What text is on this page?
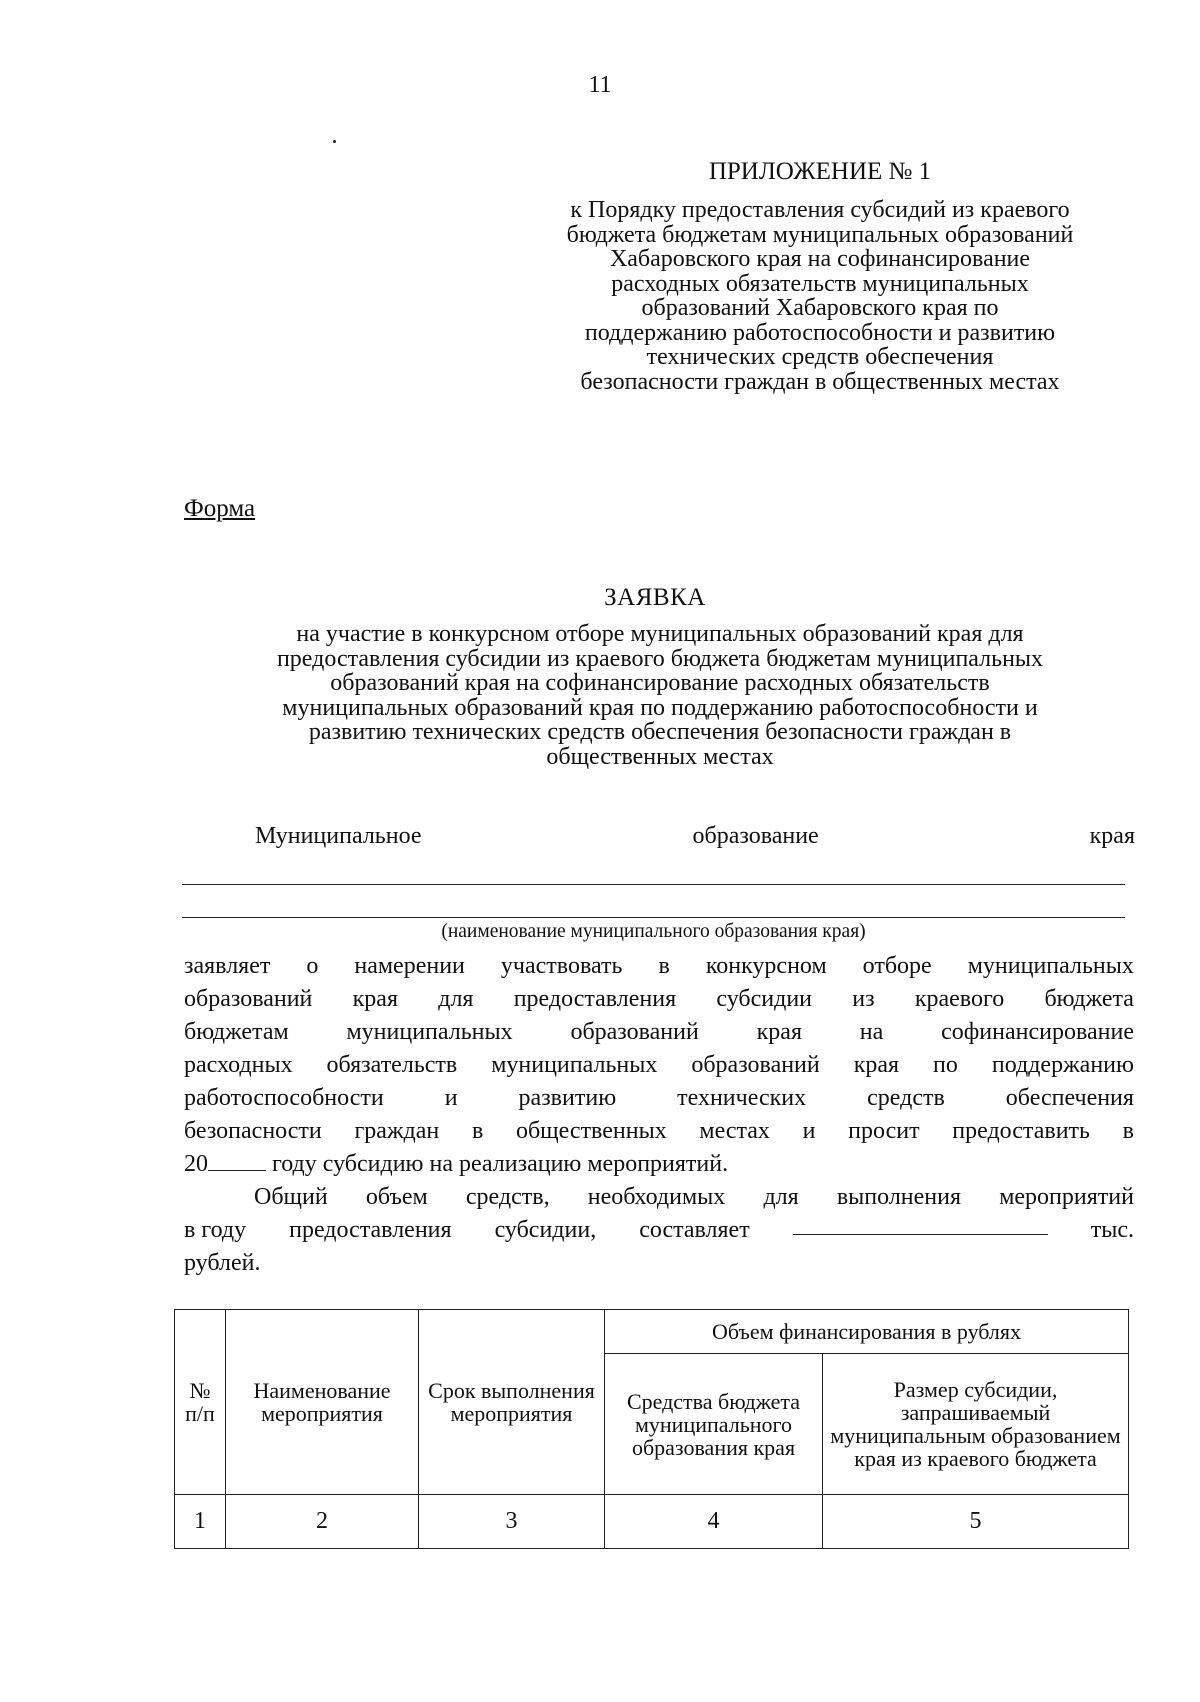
11
ПРИЛОЖЕНИЕ № 1
к Порядку предоставления субсидий из краевого
бюджета бюджетам муниципальных образований
Хабаровского края на софинансирование
расходных обязательств муниципальных
образований Хабаровского края по
поддержанию работоспособности и развитию
технических средств обеспечения
безопасности граждан в общественных местах
Форма
ЗАЯВКА
на участие в конкурсном отборе муниципальных образований края для
предоставления субсидии из краевого бюджета бюджетам муниципальных
образований края на софинансирование расходных обязательств
муниципальных образований края по поддержанию работоспособности и
развитию технических средств обеспечения безопасности граждан в
общественных местах
Муниципальное	образование	края
(наименование муниципального образования края)
заявляет о намерении участвовать в конкурсном отборе муниципальных
образований края для предоставления субсидии из краевого бюджета
бюджетам муниципальных образований края на софинансирование
расходных обязательств муниципальных образований края по поддержанию
работоспособности	и	развитию	технических	средств	обеспечения
безопасности граждан в общественных местах и просит предоставить в
20 году субсидию на реализацию мероприятий.
Общий объем средств, необходимых для выполнения мероприятий
в году предоставления субсидии, составляет	тыс.
рублей.
№ п/п	Наименование мероприятия	Срок выполнения мероприятия	Объем финансирования в рублях	
			Средства бюджета муниципального образования края	Размер субсидии, запрашиваемый муниципальным образованием края из краевого бюджета
1	2	3	4	5
